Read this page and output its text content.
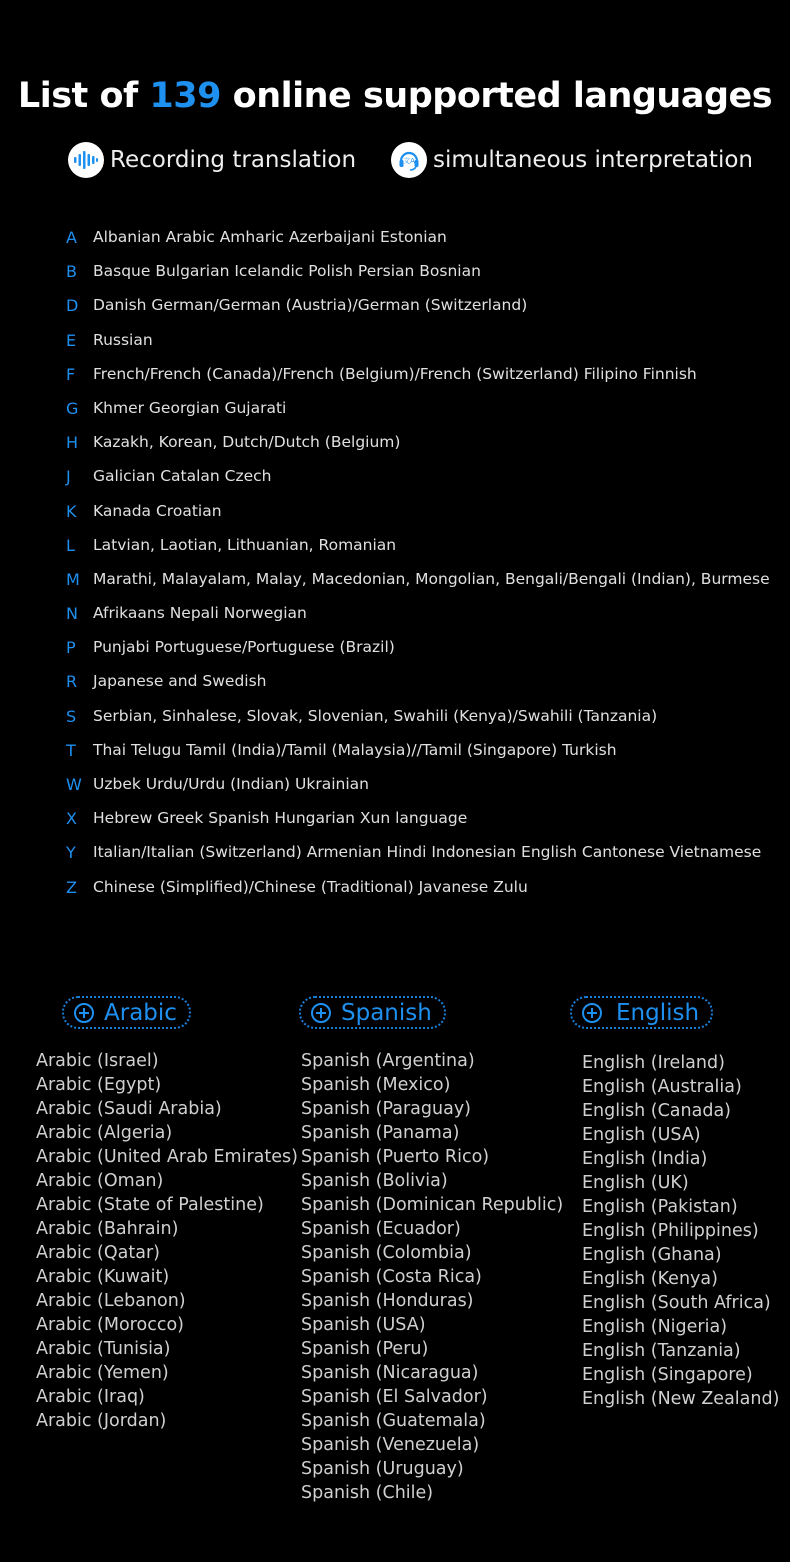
List of 139 online supported languages
Recording translation	文A simultaneous interpretation
A	Albanian Arabic Amharic Azerbaijani Estonian
B	Basque Bulgarian Icelandic Polish Persian Bosnian
D Danish German/German (Austria)/German (Switzerland)
E	Russian
F	French/French (Canada)/French (Belgium)/French (Switzerland) Filipino Finnish
G Khmer Georgian Gujarati
H Kazakh, Korean, Dutch/Dutch (Belgium)
J	Galician Catalan Czech
K	Kanada Croatian
L	Latvian, Laotian, Lithuanian, Romanian
M Marathi, Malayalam, Malay, Macedonian, Mongolian, Bengali/Bengali (Indian), Burmese
N Afrikaans Nepali Norwegian
P	Punjabi Portuguese/Portuguese (Brazil)
R	Japanese and Swedish
S	Serbian, Sinhalese, Slovak, Slovenian, Swahili (Kenya)/Swahili (Tanzania)
T	Thai Telugu Tamil (India)/Tamil (Malaysia)//Tamil (Singapore) Turkish
W Uzbek Urdu/Urdu (Indian) Ukrainian
X	Hebrew Greek Spanish Hungarian Xun language
Y	Italian/Italian (Switzerland) Armenian Hindi Indonesian English Cantonese Vietnamese
Z	Chinese (Simplified)/Chinese (Traditional) Javanese Zulu
Arabic	Spanish	English
Arabic (Israel)
Arabic (Egypt)
Arabic (Saudi Arabia)
Arabic (Algeria)
Arabic (United Arab Emirates)
Arabic (Oman)
Arabic (State of Palestine)
Arabic (Bahrain)
Arabic (Qatar)
Arabic (Kuwait)
Arabic (Lebanon)
Arabic (Morocco)
Arabic (Tunisia)
Arabic (Yemen)
Arabic (Iraq)
Arabic (Jordan)
Spanish (Argentina)
Spanish (Mexico)
Spanish (Paraguay)
Spanish (Panama)
Spanish (Puerto Rico)
Spanish (Bolivia)
Spanish (Dominican Republic)
Spanish (Ecuador)
Spanish (Colombia)
Spanish (Costa Rica)
Spanish (Honduras)
Spanish (USA)
Spanish (Peru)
Spanish (Nicaragua)
Spanish (El Salvador)
Spanish (Guatemala)
Spanish (Venezuela)
Spanish (Uruguay)
Spanish (Chile)
English (Ireland)
English (Australia)
English (Canada)
English (USA)
English (India)
English (UK)
English (Pakistan)
English (Philippines)
English (Ghana)
English (Kenya)
English (South Africa)
English (Nigeria)
English (Tanzania)
English (Singapore)
English (New Zealand)
